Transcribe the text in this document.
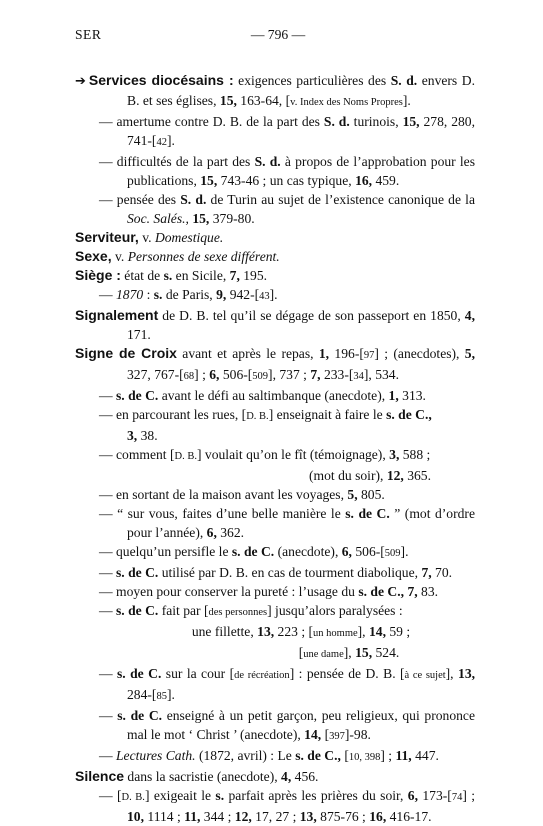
SER	— 796 —

➔ Services diocésains : exigences particulières des S. d. envers D. B. et ses églises, 15, 163-64, [v. Index des Noms Propres].

— amertume contre D. B. de la part des S. d. turinois, 15, 278, 280, 741-[42].

— difficultés de la part des S. d. à propos de l’approbation pour les publications, 15, 743-46 ; un cas typique, 16, 459.

— pensée des S. d. de Turin au sujet de l’existence canonique de la Soc. Salés., 15, 379-80.

Serviteur, v. Domestique.

Sexe, v. Personnes de sexe différent.

Siège : état de s. en Sicile, 7, 195.

— 1870 : s. de Paris, 9, 942-[43].

Signalement de D. B. tel qu’il se dégage de son passeport en 1850, 4, 171.

Signe de Croix avant et après le repas, 1, 196-[97] ; (anecdotes), 5, 327, 767-[68] ; 6, 506-[509], 737 ; 7, 233-[34], 534.

— s. de C. avant le défi au saltimbanque (anecdote), 1, 313.

— en parcourant les rues, [D. B.] enseignait à faire le s. de C.,
3, 38.

— comment [D. B.] voulait qu’on le fît (témoignage), 3, 588 ;
(mot du soir), 12, 365.

— en sortant de la maison avant les voyages, 5, 805.

— “ sur vous, faites d’une belle manière le s. de C. ” (mot d’ordre pour l’année), 6, 362.

— quelqu’un persifle le s. de C. (anecdote), 6, 506-[509].

— s. de C. utilisé par D. B. en cas de tourment diabolique, 7, 70.

— moyen pour conserver la pureté : l’usage du s. de C., 7, 83.

— s. de C. fait par [des personnes] jusqu’alors paralysées :
une fillette, 13, 223 ; [un homme], 14, 59 ;
[une dame], 15, 524.

— s. de C. sur la cour [de récréation] : pensée de D. B. [à ce sujet], 13, 284-[85].

— s. de C. enseigné à un petit garçon, peu religieux, qui prononce mal le mot ‘ Christ ’ (anecdote), 14, [397]-98.

— Lectures Cath. (1872, avril) : Le s. de C., [10, 398] ; 11, 447.

Silence dans la sacristie (anecdote), 4, 456.

— [D. B.] exigeait le s. parfait après les prières du soir, 6, 173-[74] ; 10, 1114 ; 11, 344 ; 12, 17, 27 ; 13, 875-76 ; 16, 416-17.
